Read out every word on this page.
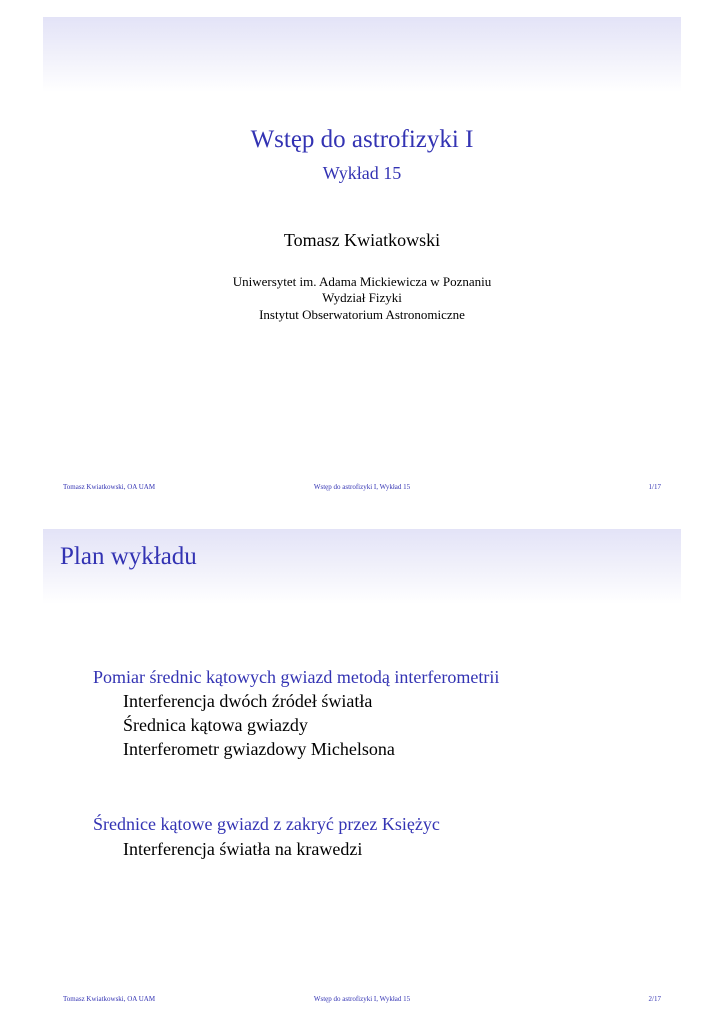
Wstęp do astrofizyki I
Wykład 15
Tomasz Kwiatkowski
Uniwersytet im. Adama Mickiewicza w Poznaniu
Wydział Fizyki
Instytut Obserwatorium Astronomiczne
Tomasz Kwiatkowski, OA UAM	Wstęp do astrofizyki I, Wykład 15	1/17
Plan wykładu
Pomiar średnic kątowych gwiazd metodą interferometrii
Interferencja dwóch źródeł światła
Średnica kątowa gwiazdy
Interferometr gwiazdowy Michelsona
Średnice kątowe gwiazd z zakryć przez Księżyc
Interferencja światła na krawedzi
Tomasz Kwiatkowski, OA UAM	Wstęp do astrofizyki I, Wykład 15	2/17
